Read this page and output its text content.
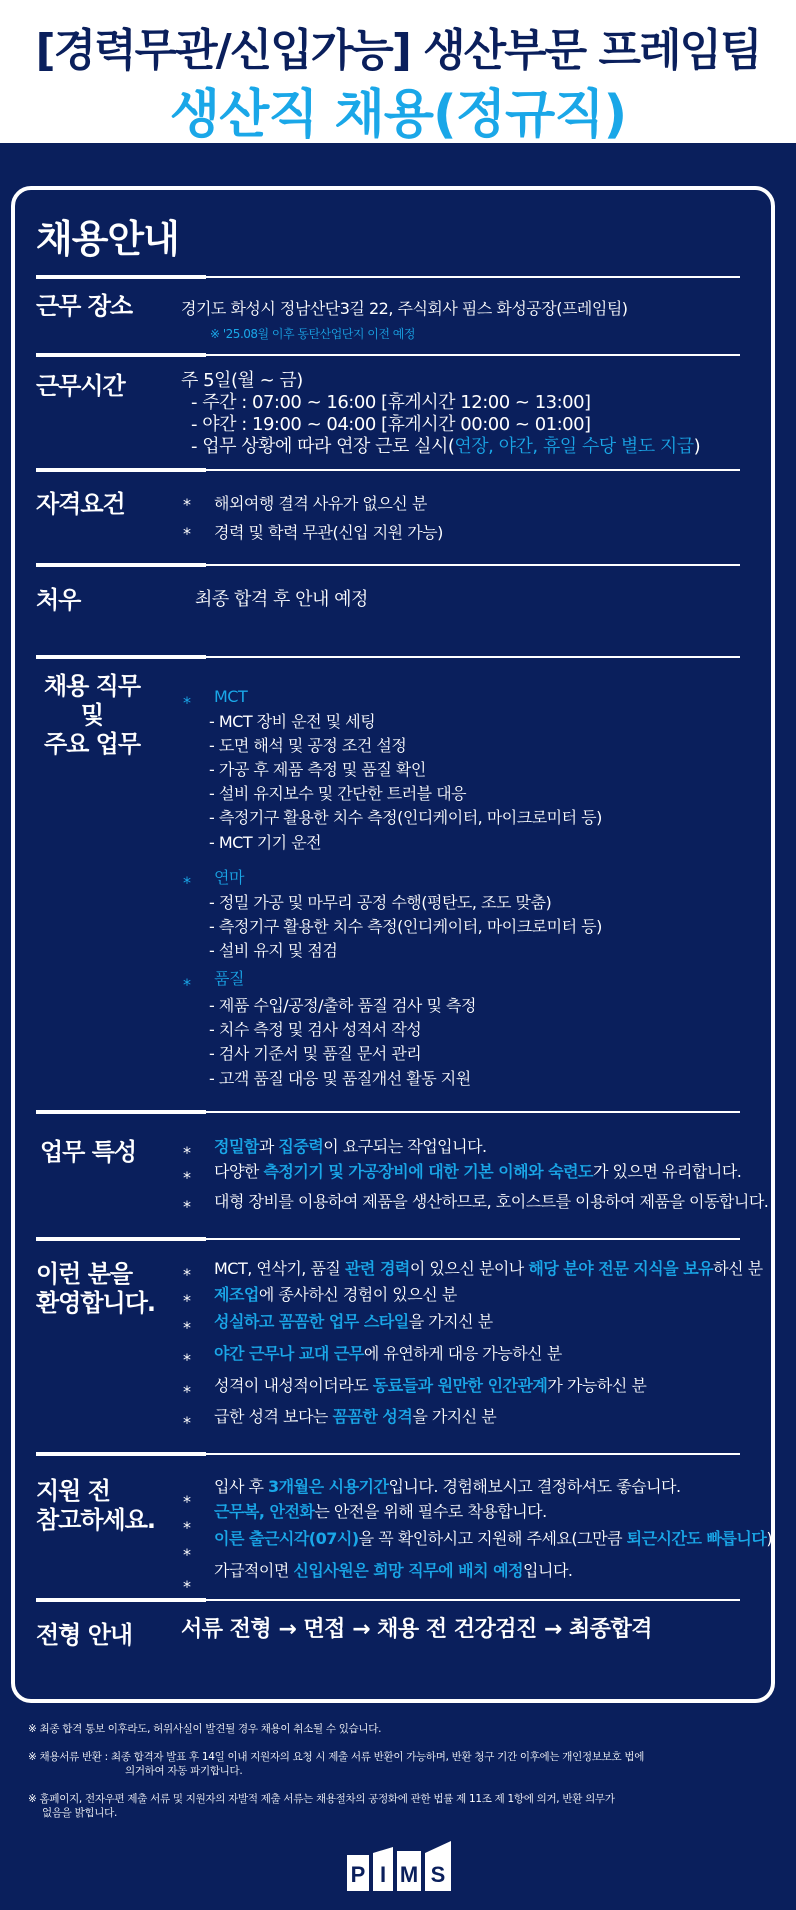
[경력무관/신입가능] 생산부문 프레임팀
생산직 채용(정규직)
채용안내
근무 장소	경기도 화성시 정남산단3길 22, 주식회사 핌스 화성공장(프레임팀)
※ '25.08월 이후 동탄산업단지 이전 예정
근무시간	주 5일(월 ~ 금)
- 주간 : 07:00 ~ 16:00 [휴게시간 12:00 ~ 13:00]
- 야간 : 19:00 ~ 04:00 [휴게시간 00:00 ~ 01:00]
- 업무 상황에 따라 연장 근로 실시(연장, 야간, 휴일 수당 별도 지급)
자격요건	* 해외여행 결격 사유가 없으신 분
* 경력 및 학력 무관(신입 지원 가능)
처우	최종 합격 후 안내 예정
채용 직무
및
주요 업무
* MCT
- MCT 장비 운전 및 세팅
- 도면 해석 및 공정 조건 설정
- 가공 후 제품 측정 및 품질 확인
- 설비 유지보수 및 간단한 트러블 대응
- 측정기구 활용한 치수 측정(인디케이터, 마이크로미터 등)
- MCT 기기 운전
* 연마
- 정밀 가공 및 마무리 공정 수행(평탄도, 조도 맞춤)
- 측정기구 활용한 치수 측정(인디케이터, 마이크로미터 등)
- 설비 유지 및 점검
* 품질
- 제품 수입/공정/출하 품질 검사 및 측정
- 치수 측정 및 검사 성적서 작성
- 검사 기준서 및 품질 문서 관리
- 고객 품질 대응 및 품질개선 활동 지원
업무 특성	* 정밀함과 집중력이 요구되는 작업입니다.
* 다양한 측정기기 및 가공장비에 대한 기본 이해와 숙련도가 있으면 유리합니다.
* 대형 장비를 이용하여 제품을 생산하므로, 호이스트를 이용하여 제품을 이동합니다.
이런 분을
환영합니다.
* MCT, 연삭기, 품질 관련 경력이 있으신 분이나 해당 분야 전문 지식을 보유하신 분
* 제조업에 종사하신 경험이 있으신 분
* 성실하고 꼼꼼한 업무 스타일을 가지신 분
* 야간 근무나 교대 근무에 유연하게 대응 가능하신 분
* 성격이 내성적이더라도 동료들과 원만한 인간관계가 가능하신 분
* 급한 성격 보다는 꼼꼼한 성격을 가지신 분
지원 전
참고하세요.
*
입사 후 3개월은 시용기간입니다. 경험해보시고 결정하셔도 좋습니다.
*
근무복, 안전화는 안전을 위해 필수로 착용합니다.
*
이른 출근시각(07시)을 꼭 확인하시고 지원해 주세요(그만큼 퇴근시간도 빠릅니다)
*
가급적이면 신입사원은 희망 직무에 배치 예정입니다.
전형 안내	서류 전형 → 면접 → 채용 전 건강검진 → 최종합격
※ 최종 합격 통보 이후라도, 허위사실이 발견될 경우 채용이 취소될 수 있습니다.
※ 채용서류 반환 : 최종 합격자 발표 후 14일 이내 지원자의 요청 시 제출 서류 반환이 가능하며, 반환 청구 기간 이후에는 개인정보보호 법에
의거하여 자동 파기합니다.
※ 홈페이지, 전자우편 제출 서류 및 지원자의 자발적 제출 서류는 채용절차의 공정화에 관한 법률 제 11조 제 1항에 의거, 반환 의무가
없음을 밝힙니다.
P I M S
